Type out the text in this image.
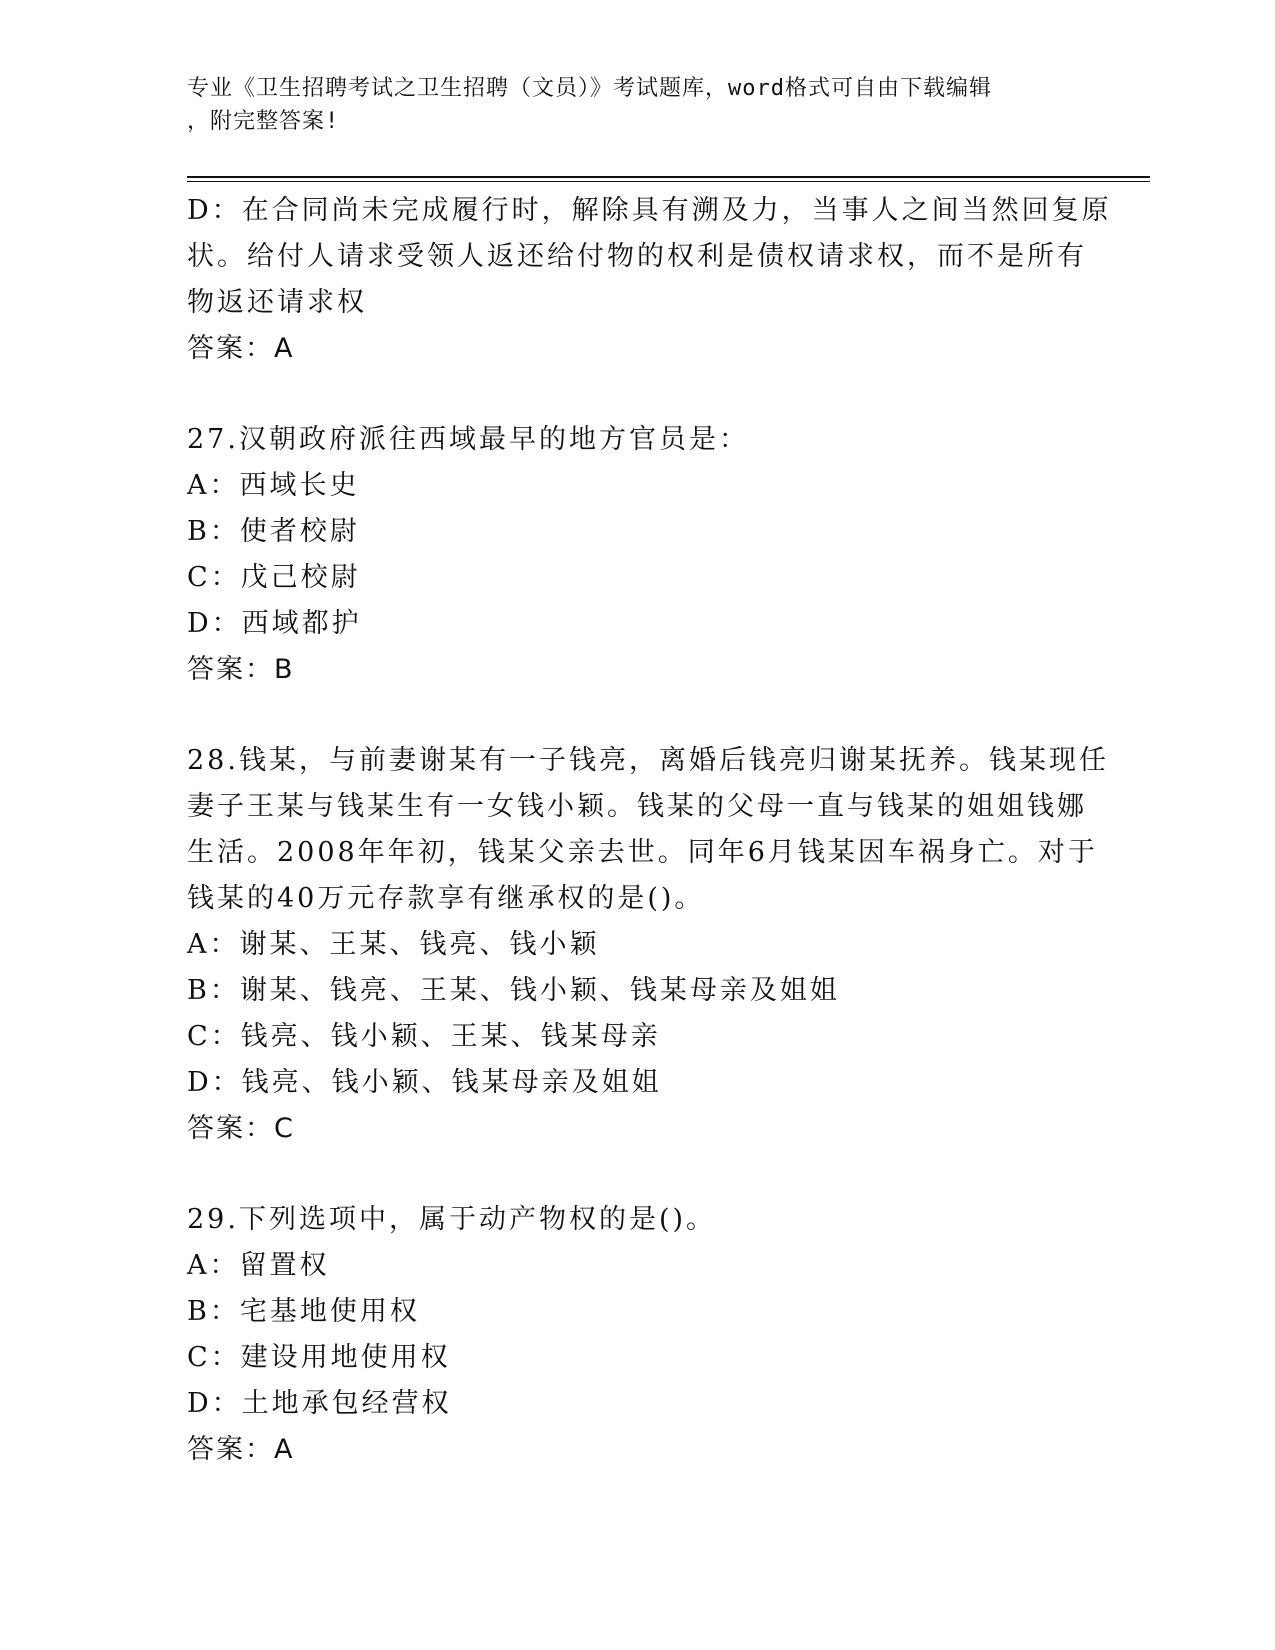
专业《卫生招聘考试之卫生招聘（文员）》考试题库，word格式可自由下载编辑
，附完整答案!
D：在合同尚未完成履行时，解除具有溯及力，当事人之间当然回复原
状。给付人请求受领人返还给付物的权利是债权请求权，而不是所有
物返还请求权
答案：A
27.汉朝政府派往西域最早的地方官员是：
A：西域长史
B：使者校尉
C：戊己校尉
D：西域都护
答案：B
28.钱某，与前妻谢某有一子钱亮，离婚后钱亮归谢某抚养。钱某现任
妻子王某与钱某生有一女钱小颖。钱某的父母一直与钱某的姐姐钱娜
生活。2008年年初，钱某父亲去世。同年6月钱某因车祸身亡。对于
钱某的40万元存款享有继承权的是()。
A：谢某、王某、钱亮、钱小颖
B：谢某、钱亮、王某、钱小颖、钱某母亲及姐姐
C：钱亮、钱小颖、王某、钱某母亲
D：钱亮、钱小颖、钱某母亲及姐姐
答案：C
29.下列选项中，属于动产物权的是()。
A：留置权
B：宅基地使用权
C：建设用地使用权
D：土地承包经营权
答案：A
